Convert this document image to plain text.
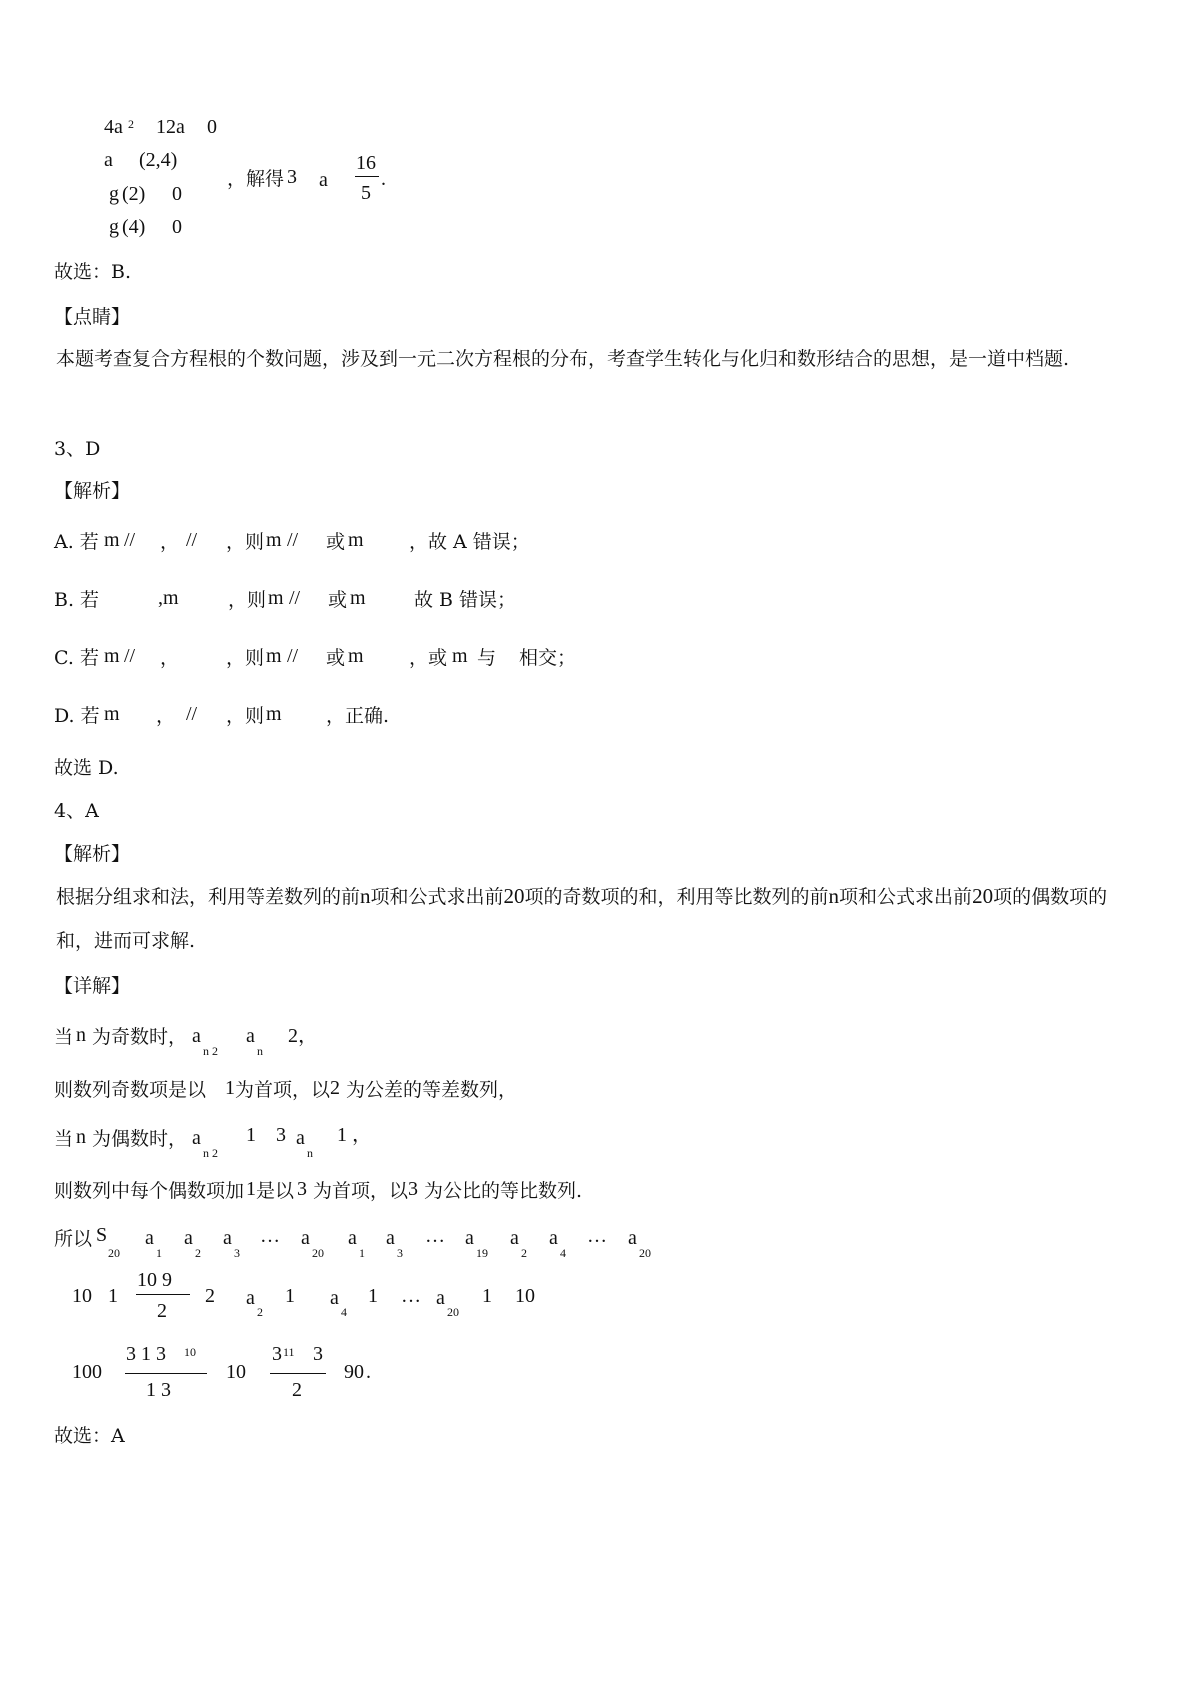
4a 2 12a 0
a (2,4)
g (2) 0
g (4) 0
，解得 3 a
16
5
.
故选：B.
【点睛】
本题考查复合方程根的个数问题，涉及到一元二次方程根的分布，考查学生转化与化归和数形结合的思想，是一道中档题.
3、D
【解析】
A. 若 m // ， // ，则 m // 或 m ，故 A 错误；
B. 若	,m	，则 m // 或 m	故 B 错误；
C. 若 m // ， ，则 m // 或 m ，或 m 与 相交；
D. 若 m ， // ，则 m ，正确.
故选 D.
4、A
【解析】
根据分组求和法，利用等差数列的前n项和公式求出前20项的奇数项的和，利用等比数列的前n项和公式求出前20项的偶数项的和，进而可求解.
【详解】
当 n 为奇数时， a
n 2
a
n
2，
则数列奇数项是以 1 为首项，以 2 为公差的等差数列，
当 n 为偶数时， a
n 2
1 3 a
n
1 ，
则数列中每个偶数项加 1 是以 3 为首项，以 3 为公比的等比数列.
所以 S
20
a
1
a
2
a
3
… a
20
a
1
a
3
… a
19
a
2
a
4
… a
20
10 1
10 9
2
2 a
2
1 a
4
1 … a
20
1 10
100
3 1 3 10
1 3
10
3 11 3
2
90 .
故选：A
